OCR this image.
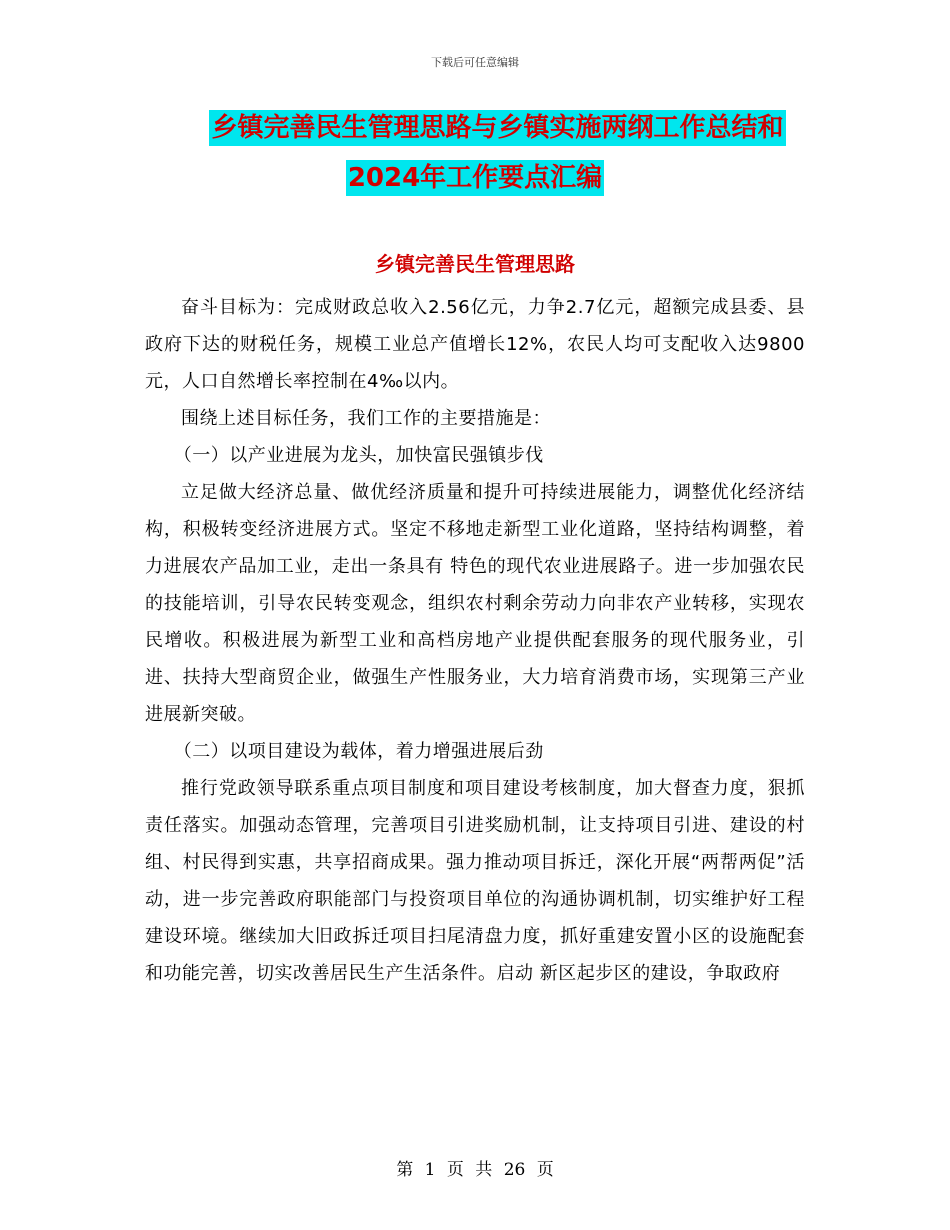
下载后可任意编辑
乡镇完善民生管理思路与乡镇实施两纲工作总结和
2024年工作要点汇编
乡镇完善民生管理思路

奋斗目标为：完成财政总收入2.56亿元，力争2.7亿元，超额完成县委、县政府下达的财税任务，规模工业总产值增长12%，农民人均可支配收入达9800元，人口自然增长率控制在4‰以内。

围绕上述目标任务，我们工作的主要措施是：

（一）以产业进展为龙头，加快富民强镇步伐

立足做大经济总量、做优经济质量和提升可持续进展能力，调整优化经济结构，积极转变经济进展方式。坚定不移地走新型工业化道路，坚持结构调整，着力进展农产品加工业，走出一条具有 特色的现代农业进展路子。进一步加强农民的技能培训，引导农民转变观念，组织农村剩余劳动力向非农产业转移，实现农民增收。积极进展为新型工业和高档房地产业提供配套服务的现代服务业，引进、扶持大型商贸企业，做强生产性服务业，大力培育消费市场，实现第三产业进展新突破。

（二）以项目建设为载体，着力增强进展后劲

推行党政领导联系重点项目制度和项目建设考核制度，加大督查力度，狠抓责任落实。加强动态管理，完善项目引进奖励机制，让支持项目引进、建设的村组、村民得到实惠，共享招商成果。强力推动项目拆迁，深化开展“两帮两促”活动，进一步完善政府职能部门与投资项目单位的沟通协调机制，切实维护好工程建设环境。继续加大旧政拆迁项目扫尾清盘力度，抓好重建安置小区的设施配套和功能完善，切实改善居民生产生活条件。启动 新区起步区的建设，争取政府

第 1 页 共 26 页
